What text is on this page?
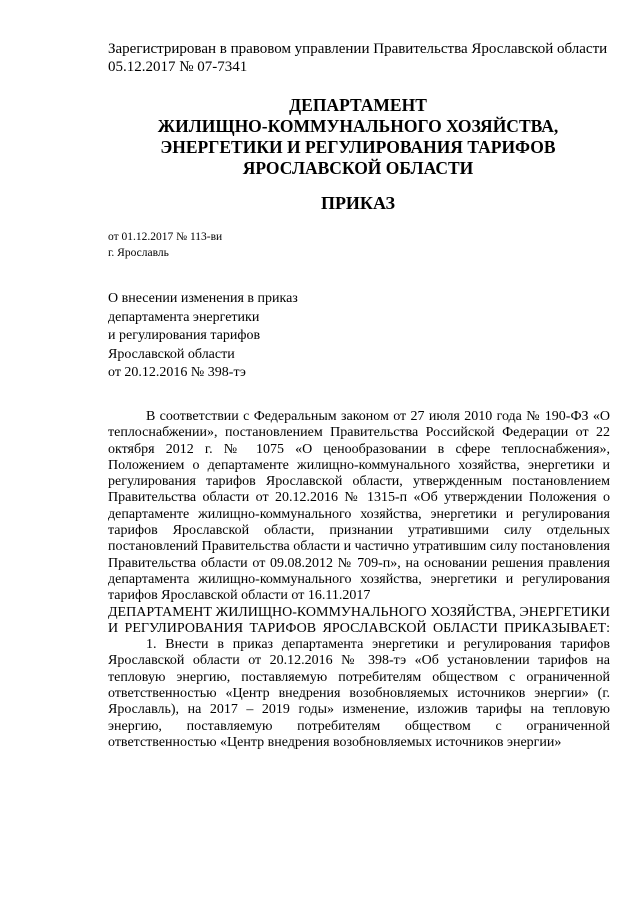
Зарегистрирован в правовом управлении Правительства Ярославской области
05.12.2017 № 07-7341
ДЕПАРТАМЕНТ
ЖИЛИЩНО-КОММУНАЛЬНОГО ХОЗЯЙСТВА,
ЭНЕРГЕТИКИ И РЕГУЛИРОВАНИЯ ТАРИФОВ
ЯРОСЛАВСКОЙ ОБЛАСТИ
ПРИКАЗ
от 01.12.2017 № 113-ви
г. Ярославль
О внесении изменения в приказ
департамента энергетики
и регулирования тарифов
Ярославской области
от 20.12.2016 № 398-тэ

В соответствии с Федеральным законом от 27 июля 2010 года № 190-ФЗ «О теплоснабжении», постановлением Правительства Российской Федерации от 22 октября 2012 г. № 1075 «О ценообразовании в сфере теплоснабжения», Положением о департаменте жилищно-коммунального хозяйства, энергетики и регулирования тарифов Ярославской области, утвержденным постановлением Правительства области от 20.12.2016 № 1315-п «Об утверждении Положения о департаменте жилищно-коммунального хозяйства, энергетики и регулирования тарифов Ярославской области, признании утратившими силу отдельных постановлений Правительства области и частично утратившим силу постановления Правительства области от 09.08.2012 № 709-п», на основании решения правления департамента жилищно-коммунального хозяйства, энергетики и регулирования тарифов Ярославской области от 16.11.2017

ДЕПАРТАМЕНТ ЖИЛИЩНО-КОММУНАЛЬНОГО ХОЗЯЙСТВА, ЭНЕРГЕТИКИ И РЕГУЛИРОВАНИЯ ТАРИФОВ ЯРОСЛАВСКОЙ ОБЛАСТИ ПРИКАЗЫВАЕТ:

1. Внести в приказ департамента энергетики и регулирования тарифов Ярославской области от 20.12.2016 № 398-тэ «Об установлении тарифов на тепловую энергию, поставляемую потребителям обществом с ограниченной ответственностью «Центр внедрения возобновляемых источников энергии» (г. Ярославль), на 2017 – 2019 годы» изменение, изложив тарифы на тепловую энергию, поставляемую потребителям обществом с ограниченной ответственностью «Центр внедрения возобновляемых источников энергии»
